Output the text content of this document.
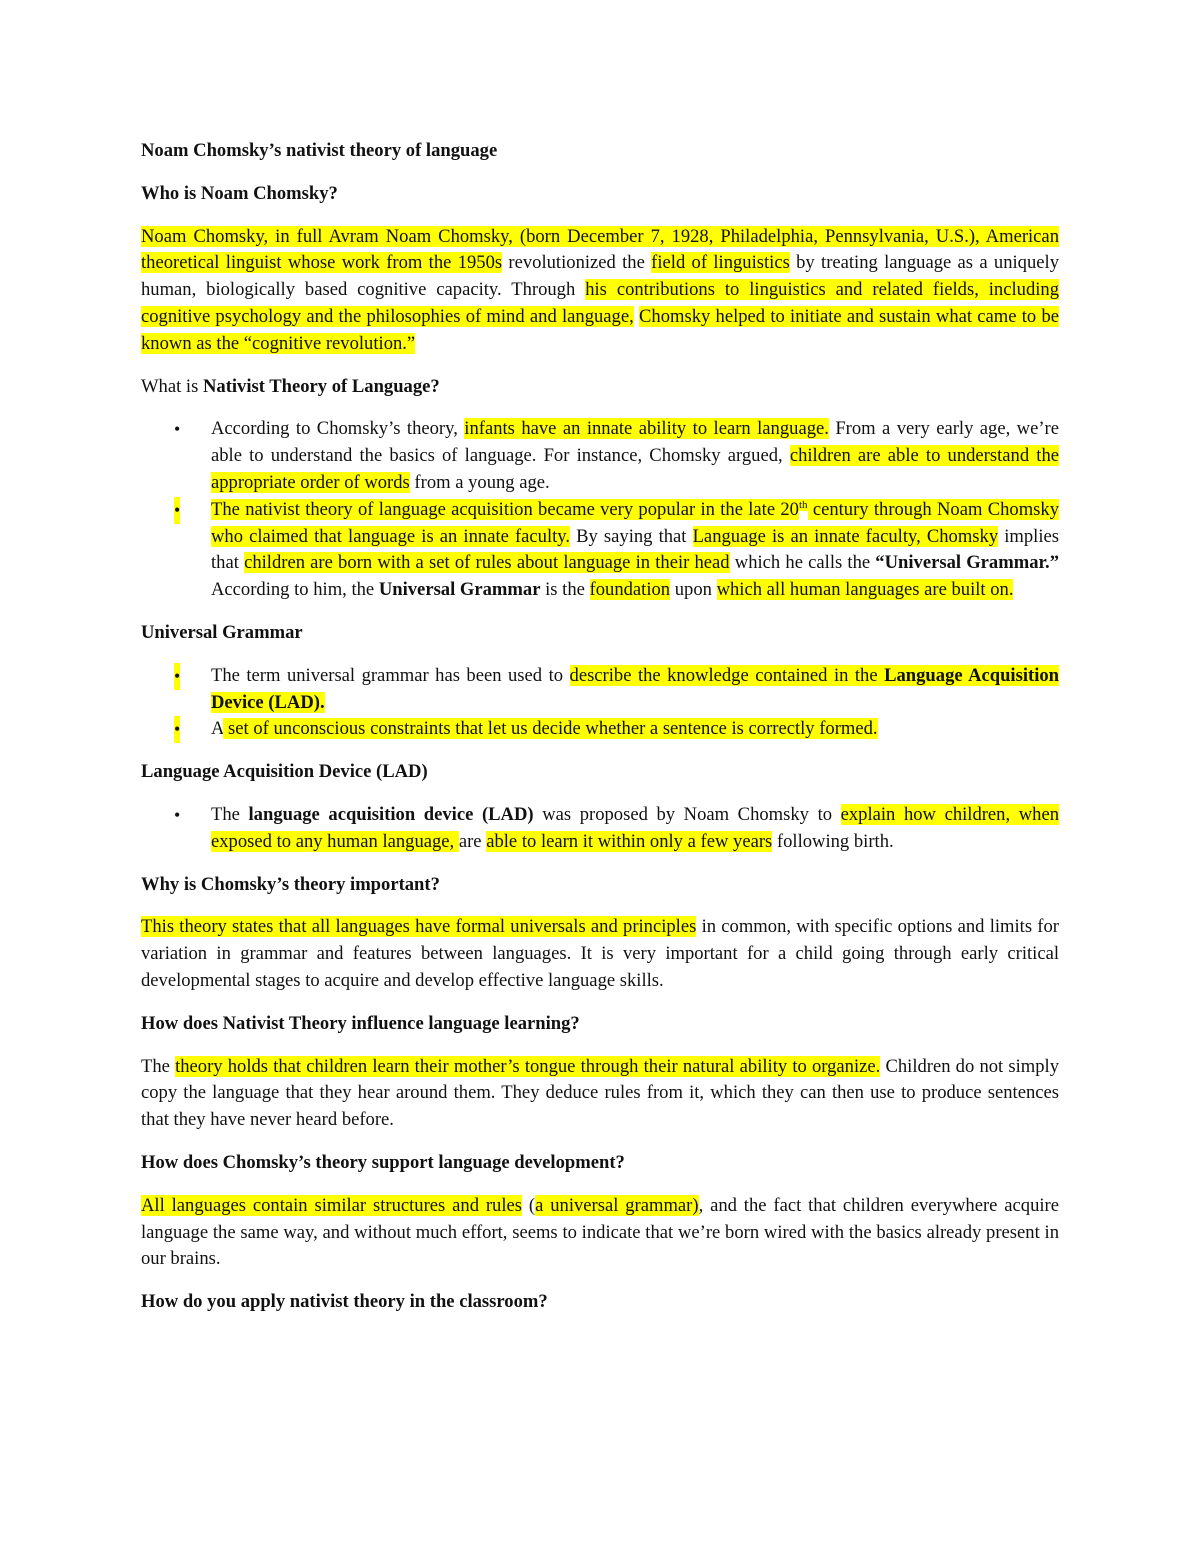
Noam Chomsky’s nativist theory of language

Who is Noam Chomsky?

Noam Chomsky, in full Avram Noam Chomsky, (born December 7, 1928, Philadelphia, Pennsylvania, U.S.), American theoretical linguist whose work from the 1950s revolutionized the field of linguistics by treating language as a uniquely human, biologically based cognitive capacity. Through his contributions to linguistics and related fields, including cognitive psychology and the philosophies of mind and language, Chomsky helped to initiate and sustain what came to be known as the “cognitive revolution.”

What is Nativist Theory of Language?

• According to Chomsky’s theory, infants have an innate ability to learn language. From a very early age, we’re able to understand the basics of language. For instance, Chomsky argued, children are able to understand the appropriate order of words from a young age.
• The nativist theory of language acquisition became very popular in the late 20th century through Noam Chomsky who claimed that language is an innate faculty. By saying that Language is an innate faculty, Chomsky implies that children are born with a set of rules about language in their head which he calls the “Universal Grammar.” According to him, the Universal Grammar is the foundation upon which all human languages are built on.

Universal Grammar

• The term universal grammar has been used to describe the knowledge contained in the Language Acquisition Device (LAD).
• A set of unconscious constraints that let us decide whether a sentence is correctly formed.

Language Acquisition Device (LAD)

• The language acquisition device (LAD) was proposed by Noam Chomsky to explain how children, when exposed to any human language, are able to learn it within only a few years following birth.

Why is Chomsky’s theory important?

This theory states that all languages have formal universals and principles in common, with specific options and limits for variation in grammar and features between languages. It is very important for a child going through early critical developmental stages to acquire and develop effective language skills.

How does Nativist Theory influence language learning?

The theory holds that children learn their mother’s tongue through their natural ability to organize. Children do not simply copy the language that they hear around them. They deduce rules from it, which they can then use to produce sentences that they have never heard before.

How does Chomsky’s theory support language development?

All languages contain similar structures and rules (a universal grammar), and the fact that children everywhere acquire language the same way, and without much effort, seems to indicate that we’re born wired with the basics already present in our brains.

How do you apply nativist theory in the classroom?
